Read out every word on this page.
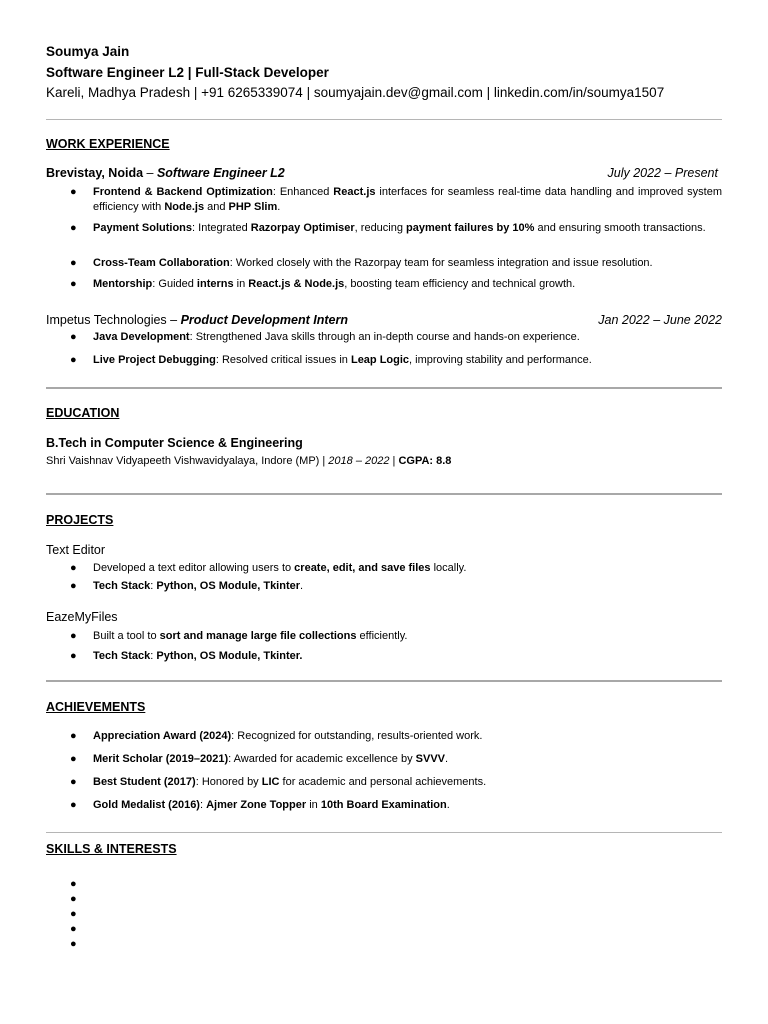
Soumya Jain
Software Engineer L2 | Full-Stack Developer
Kareli, Madhya Pradesh | +91 6265339074 | soumyajain.dev@gmail.com | linkedin.com/in/soumya1507
WORK EXPERIENCE
Brevistay, Noida – Software Engineer L2	July 2022 – Present
● Frontend & Backend Optimization: Enhanced React.js interfaces for seamless real-time data handling and improved system efficiency with Node.js and PHP Slim.
● Payment Solutions: Integrated Razorpay Optimiser, reducing payment failures by 10% and ensuring smooth transactions.
● Cross-Team Collaboration: Worked closely with the Razorpay team for seamless integration and issue resolution.
● Mentorship: Guided interns in React.js & Node.js, boosting team efficiency and technical growth.
Impetus Technologies – Product Development Intern	Jan 2022 – June 2022
● Java Development: Strengthened Java skills through an in-depth course and hands-on experience.
● Live Project Debugging: Resolved critical issues in Leap Logic, improving stability and performance.
EDUCATION
B.Tech in Computer Science & Engineering
Shri Vaishnav Vidyapeeth Vishwavidyalaya, Indore (MP) | 2018 – 2022 | CGPA: 8.8
PROJECTS
Text Editor
● Developed a text editor allowing users to create, edit, and save files locally.
● Tech Stack: Python, OS Module, Tkinter.
EazeMyFiles
● Built a tool to sort and manage large file collections efficiently.
● Tech Stack: Python, OS Module, Tkinter.
ACHIEVEMENTS
● Appreciation Award (2024): Recognized for outstanding, results-oriented work.
● Merit Scholar (2019–2021): Awarded for academic excellence by SVVV.
● Best Student (2017): Honored by LIC for academic and personal achievements.
● Gold Medalist (2016): Ajmer Zone Topper in 10th Board Examination.
SKILLS & INTERESTS
●
●
●
●
●
